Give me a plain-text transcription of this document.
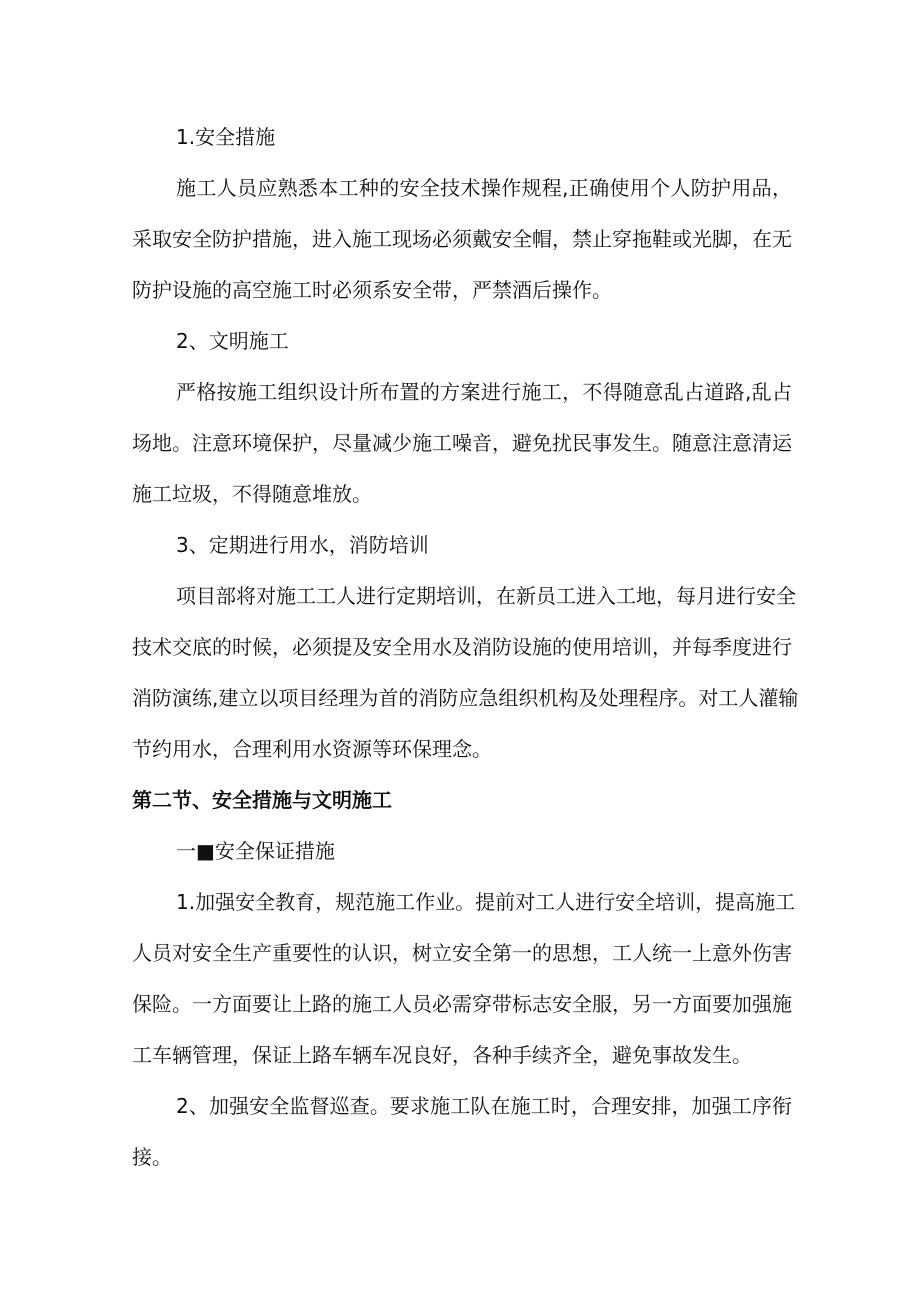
1.安全措施
施工人员应熟悉本工种的安全技术操作规程,正确使用个人防护用品，
采取安全防护措施，进入施工现场必须戴安全帽，禁止穿拖鞋或光脚，在无
防护设施的高空施工时必须系安全带，严禁酒后操作。
2、文明施工
严格按施工组织设计所布置的方案进行施工，不得随意乱占道路,乱占
场地。注意环境保护，尽量减少施工噪音，避免扰民事发生。随意注意清运
施工垃圾，不得随意堆放。
3、定期进行用水，消防培训
项目部将对施工工人进行定期培训，在新员工进入工地，每月进行安全
技术交底的时候，必须提及安全用水及消防设施的使用培训，并每季度进行
消防演练,建立以项目经理为首的消防应急组织机构及处理程序。对工人灌输
节约用水，合理利用水资源等环保理念。
第二节、安全措施与文明施工
一■安全保证措施
1.加强安全教育，规范施工作业。提前对工人进行安全培训，提高施工
人员对安全生产重要性的认识，树立安全第一的思想，工人统一上意外伤害
保险。一方面要让上路的施工人员必需穿带标志安全服，另一方面要加强施
工车辆管理，保证上路车辆车况良好，各种手续齐全，避免事故发生。
2、加强安全监督巡查。要求施工队在施工时，合理安排，加强工序衔
接。
